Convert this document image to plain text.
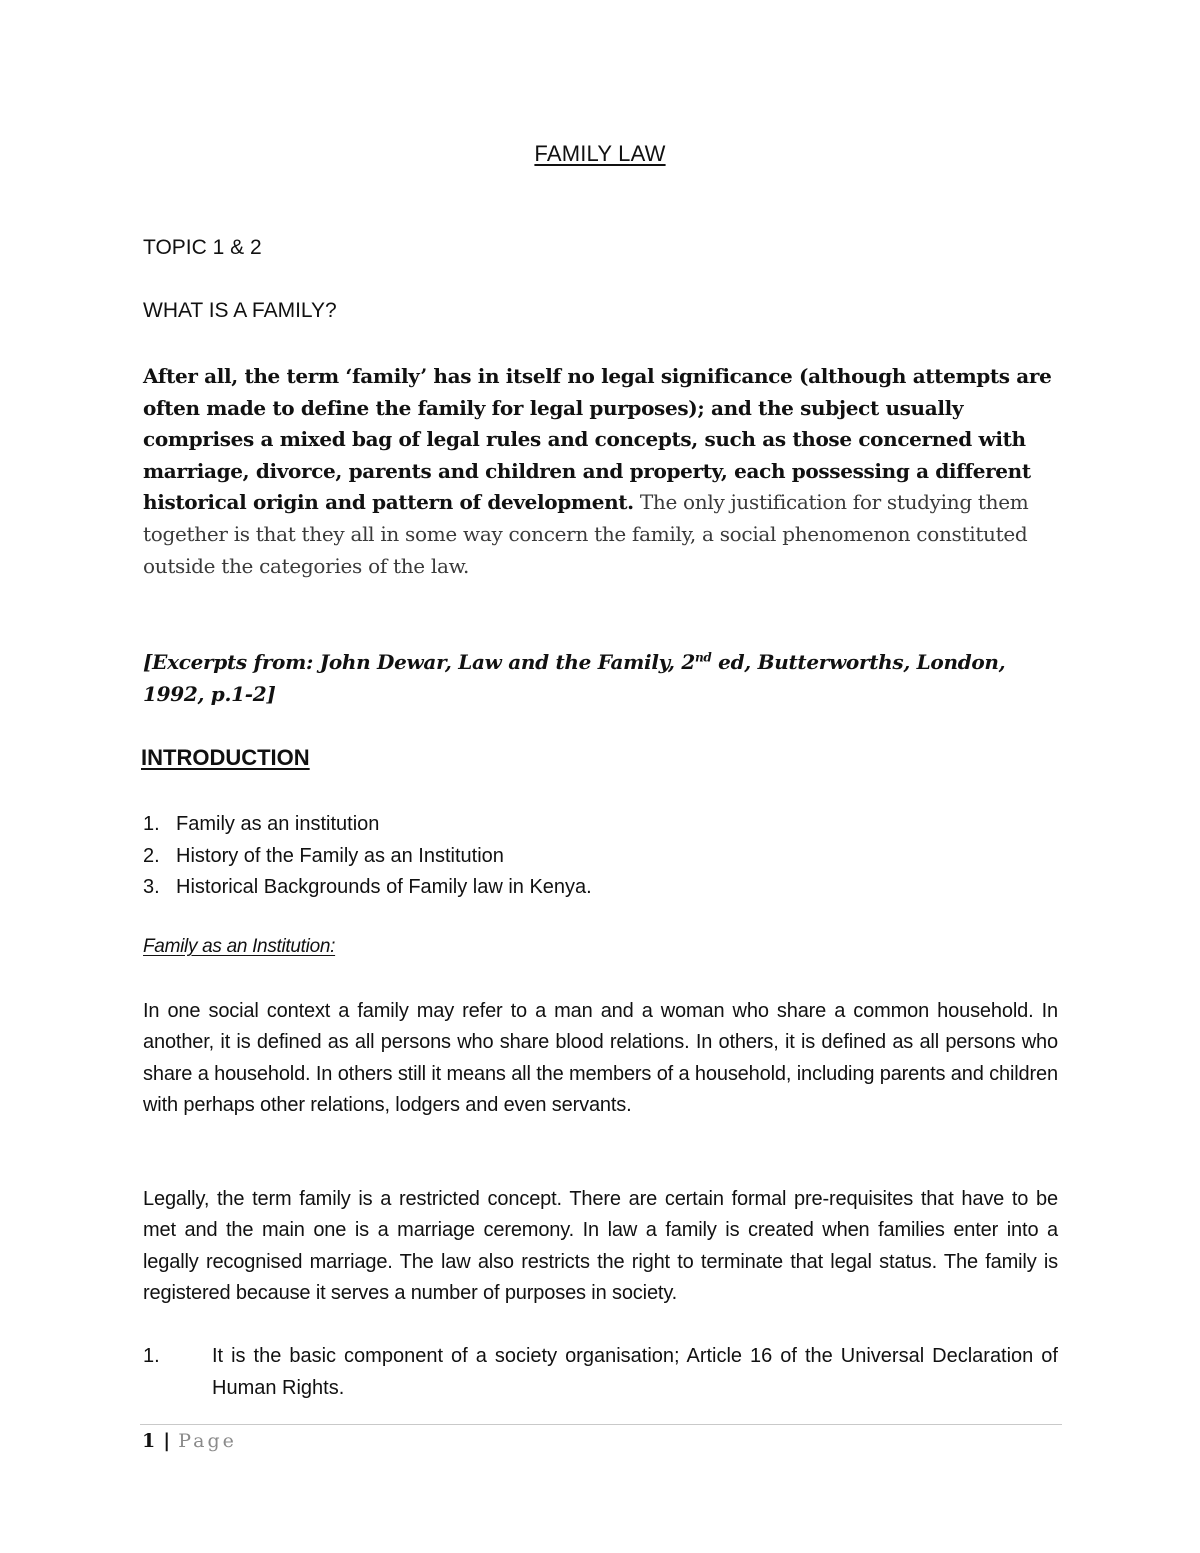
FAMILY LAW
TOPIC 1 & 2
WHAT IS A FAMILY?

After all, the term ‘family’ has in itself no legal significance (although attempts are often made to define the family for legal purposes); and the subject usually comprises a mixed bag of legal rules and concepts, such as those concerned with marriage, divorce, parents and children and property, each possessing a different historical origin and pattern of development. The only justification for studying them together is that they all in some way concern the family, a social phenomenon constituted outside the categories of the law.

[Excerpts from: John Dewar, Law and the Family, 2nd ed, Butterworths, London, 1992, p.1-2]

INTRODUCTION
1. Family as an institution
2. History of the Family as an Institution
3. Historical Backgrounds of Family law in Kenya.
Family as an Institution:

In one social context a family may refer to a man and a woman who share a common household. In another, it is defined as all persons who share blood relations. In others, it is defined as all persons who share a household. In others still it means all the members of a household, including parents and children with perhaps other relations, lodgers and even servants.

Legally, the term family is a restricted concept. There are certain formal pre-requisites that have to be met and the main one is a marriage ceremony. In law a family is created when families enter into a legally recognised marriage. The law also restricts the right to terminate that legal status. The family is registered because it serves a number of purposes in society.

1.	It is the basic component of a society organisation; Article 16 of the Universal Declaration of Human Rights.
1 | Page
